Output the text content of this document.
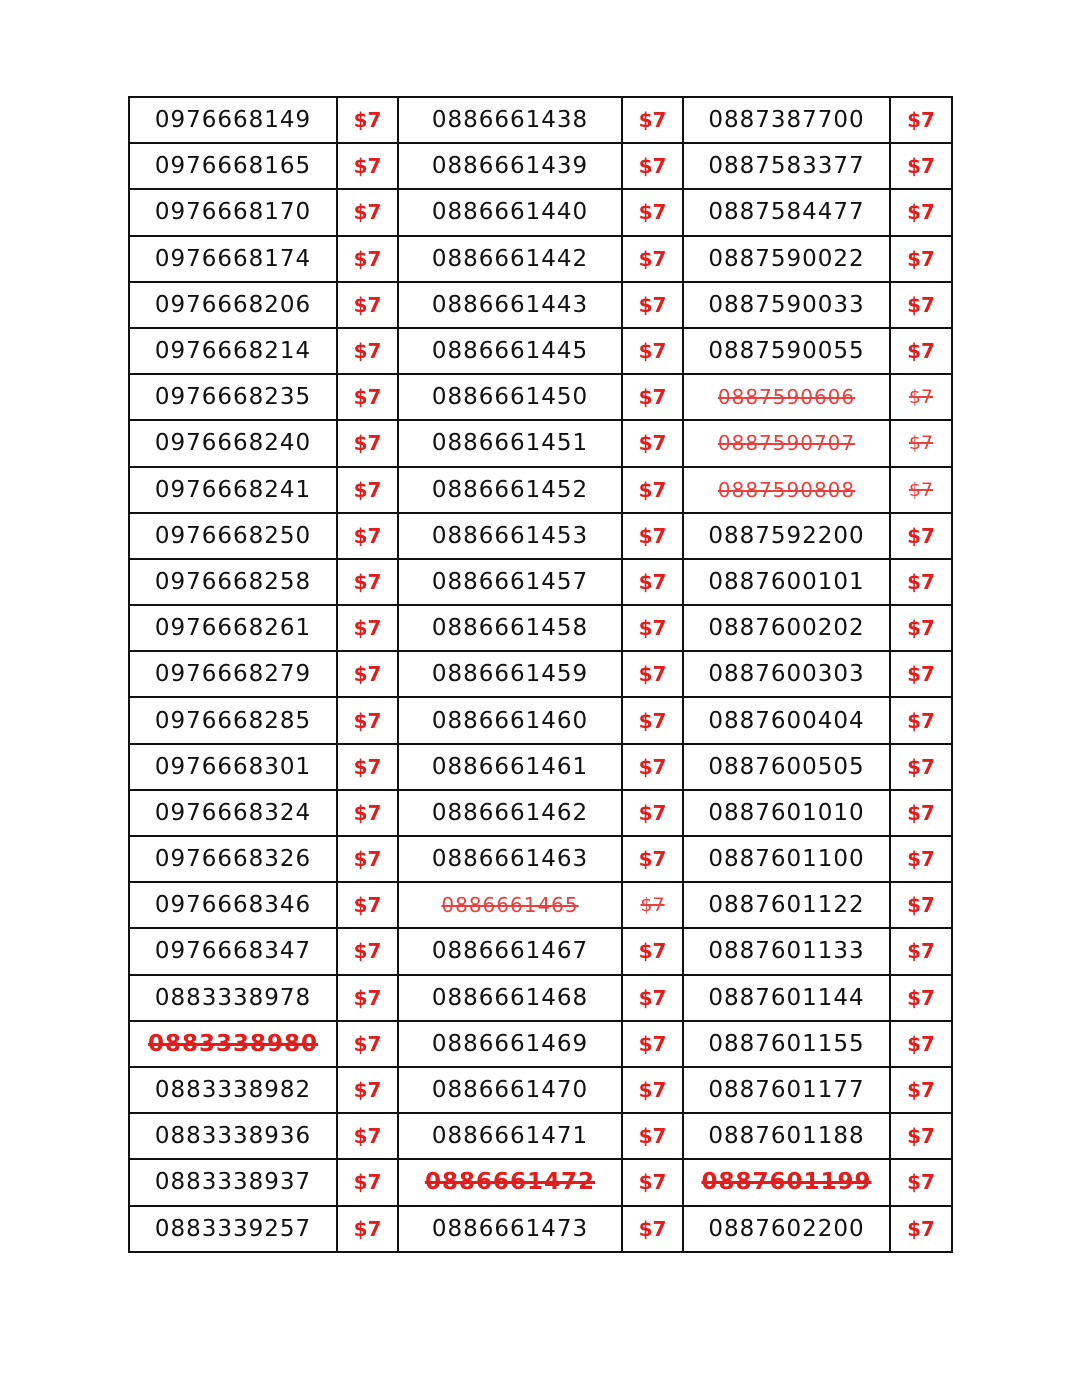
0976668149	$7	0886661438	$7	0887387700	$7
0976668165	$7	0886661439	$7	0887583377	$7
0976668170	$7	0886661440	$7	0887584477	$7
0976668174	$7	0886661442	$7	0887590022	$7
0976668206	$7	0886661443	$7	0887590033	$7
0976668214	$7	0886661445	$7	0887590055	$7
0976668235	$7	0886661450	$7	0887590606	$7
0976668240	$7	0886661451	$7	0887590707	$7
0976668241	$7	0886661452	$7	0887590808	$7
0976668250	$7	0886661453	$7	0887592200	$7
0976668258	$7	0886661457	$7	0887600101	$7
0976668261	$7	0886661458	$7	0887600202	$7
0976668279	$7	0886661459	$7	0887600303	$7
0976668285	$7	0886661460	$7	0887600404	$7
0976668301	$7	0886661461	$7	0887600505	$7
0976668324	$7	0886661462	$7	0887601010	$7
0976668326	$7	0886661463	$7	0887601100	$7
0976668346	$7	0886661465	$7	0887601122	$7
0976668347	$7	0886661467	$7	0887601133	$7
0883338978	$7	0886661468	$7	0887601144	$7
0883338980	$7	0886661469	$7	0887601155	$7
0883338982	$7	0886661470	$7	0887601177	$7
0883338936	$7	0886661471	$7	0887601188	$7
0883338937	$7	0886661472	$7	0887601199	$7
0883339257	$7	0886661473	$7	0887602200	$7
